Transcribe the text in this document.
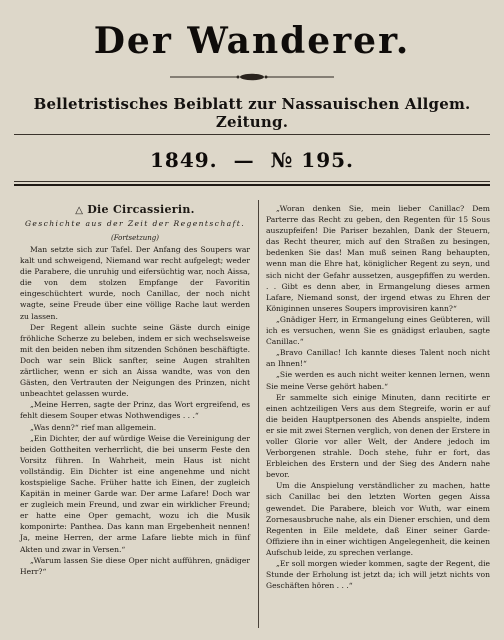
Der Wanderer.
Belletristisches Beiblatt zur Nassauischen Allgem. Zeitung.
1849. — № 195.
△ Die Circassierin.
Geschichte aus der Zeit der Regentschaft.
(Fortsetzung)

Man setzte sich zur Tafel. Der Anfang des Soupers war kalt und schweigend, Niemand war recht aufgelegt; weder die Parabere, die unruhig und eifersüchtig war, noch Aissa, die von dem stolzen Empfange der Favoritin eingeschüchtert wurde, noch Canillac, der noch nicht wagte, seine Freude über eine völlige Rache laut werden zu lassen.

Der Regent allein suchte seine Gäste durch einige fröhliche Scherze zu beleben, indem er sich wechselsweise mit den beiden neben ihm sitzenden Schönen beschäftigte. Doch war sein Blick sanfter, seine Augen strahlten zärtlicher, wenn er sich an Aissa wandte, was von den Gästen, den Vertrauten der Neigungen des Prinzen, nicht unbeachtet gelassen wurde.

„Meine Herren, sagte der Prinz, das Wort ergreifend, es fehlt diesem Souper etwas Nothwendiges . . .“

„Was denn?“ rief man allgemein.

„Ein Dichter, der auf würdige Weise die Vereinigung der beiden Gottheiten verherrlicht, die bei unserm Feste den Vorsitz führen. In Wahrheit, mein Haus ist nicht vollständig. Ein Dichter ist eine angenehme und nicht kostspielige Sache. Früher hatte ich Einen, der zugleich Kapitän in meiner Garde war. Der arme Lafare! Doch war er zugleich mein Freund, und zwar ein wirklicher Freund; er hatte eine Oper gemacht, wozu ich die Musik komponirte: Panthea. Das kann man Ergebenheit nennen! Ja, meine Herren, der arme Lafare liebte mich in fünf Akten und zwar in Versen.“

„Warum lassen Sie diese Oper nicht aufführen, gnädiger Herr?“

„Woran denken Sie, mein lieber Canillac? Dem Parterre das Recht zu geben, den Regenten für 15 Sous auszupfeifen! Die Pariser bezahlen, Dank der Steuern, das Recht theurer, mich auf den Straßen zu besingen, bedenken Sie das! Man muß seinen Rang behaupten, wenn man die Ehre hat, königlicher Regent zu seyn, und sich nicht der Gefahr aussetzen, ausgepfiffen zu werden. . . Gibt es denn aber, in Ermangelung dieses armen Lafare, Niemand sonst, der irgend etwas zu Ehren der Königinnen unseres Soupers improvisiren kann?“

„Gnädiger Herr, in Ermangelung eines Geübteren, will ich es versuchen, wenn Sie es gnädigst erlauben, sagte Canillac.“

„Bravo Canillac! Ich kannte dieses Talent noch nicht an Ihnen!“

„Sie werden es auch nicht weiter kennen lernen, wenn Sie meine Verse gehört haben.“

Er sammelte sich einige Minuten, dann recitirte er einen achtzeiligen Vers aus dem Stegreife, worin er auf die beiden Hauptpersonen des Abends anspielte, indem er sie mit zwei Sternen verglich, von denen der Erstere in voller Glorie vor aller Welt, der Andere jedoch im Verborgenen strahle. Doch stehe, fuhr er fort, das Erbleichen des Erstern und der Sieg des Andern nahe bevor.

Um die Anspielung verständlicher zu machen, hatte sich Canillac bei den letzten Worten gegen Aissa gewendet. Die Parabere, bleich vor Wuth, war einem Zornesausbruche nahe, als ein Diener erschien, und dem Regenten in Eile meldete, daß Einer seiner Garde-Offiziere ihn in einer wichtigen Angelegenheit, die keinen Aufschub leide, zu sprechen verlange.

„Er soll morgen wieder kommen, sagte der Regent, die Stunde der Erholung ist jetzt da; ich will jetzt nichts von Geschäften hören . . .“
